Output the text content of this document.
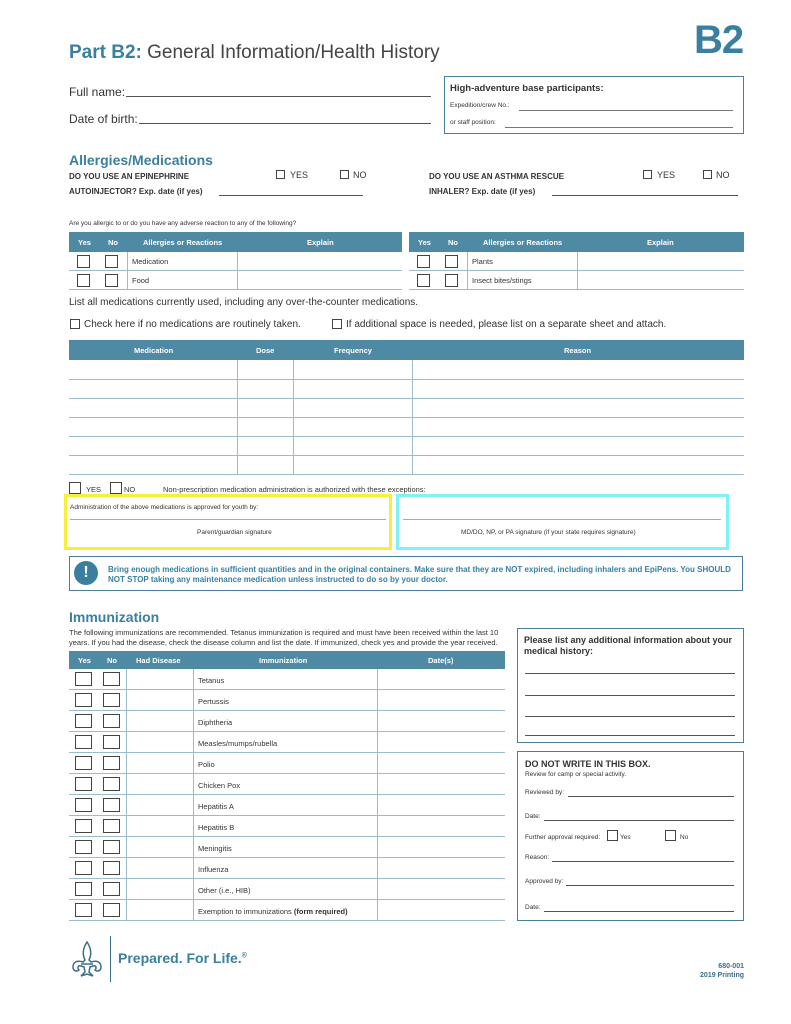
Part B2: General Information/Health History	B2
Full name:
Date of birth:
High-adventure base participants:
Expedition/crew No.:
or staff position:
Allergies/Medications
DO YOU USE AN EPINEPHRINE
AUTOINJECTOR? Exp. date (if yes)
YES	NO	DO YOU USE AN ASTHMA RESCUE
INHALER? Exp. date (if yes)
YES	NO
Are you allergic to or do you have any adverse reaction to any of the following?
Yes No	Allergies or Reactions	Explain
Medication
Food
Yes No	Allergies or Reactions	Explain
Plants
Insect bites/stings
List all medications currently used, including any over-the-counter medications.
Check here if no medications are routinely taken.	If additional space is needed, please list on a separate sheet and attach.
Medication	Dose	Frequency	Reason
YES	NO	Non-prescription medication administration is authorized with these exceptions:
Administration of the above medications is approved for youth by:
Parent/guardian signature	MD/DO, NP, or PA signature (if your state requires signature)
!	Bring enough medications in sufficient quantities and in the original containers. Make sure that they are NOT expired, including inhalers and EpiPens. You SHOULD NOT STOP taking any maintenance medication unless instructed to do so by your doctor.
Immunization
The following immunizations are recommended. Tetanus immunization is required and must have been received within the last 10 years. If you had the disease, check the disease column and list the date. If immunized, check yes and provide the year received.
Yes No	Had Disease	Immunization	Date(s)
Tetanus
Pertussis
Diphtheria
Measles/mumps/rubella
Polio
Chicken Pox
Hepatitis A
Hepatitis B
Meningitis
Influenza
Other (i.e., HIB)
Exemption to immunizations (form required)
Please list any additional information about your medical history:
DO NOT WRITE IN THIS BOX.
Review for camp or special activity.
Reviewed by:
Date:
Further approval required:	Yes	No
Reason:
Approved by:
Date:
Prepared. For Life.®
680-001
2019 Printing
